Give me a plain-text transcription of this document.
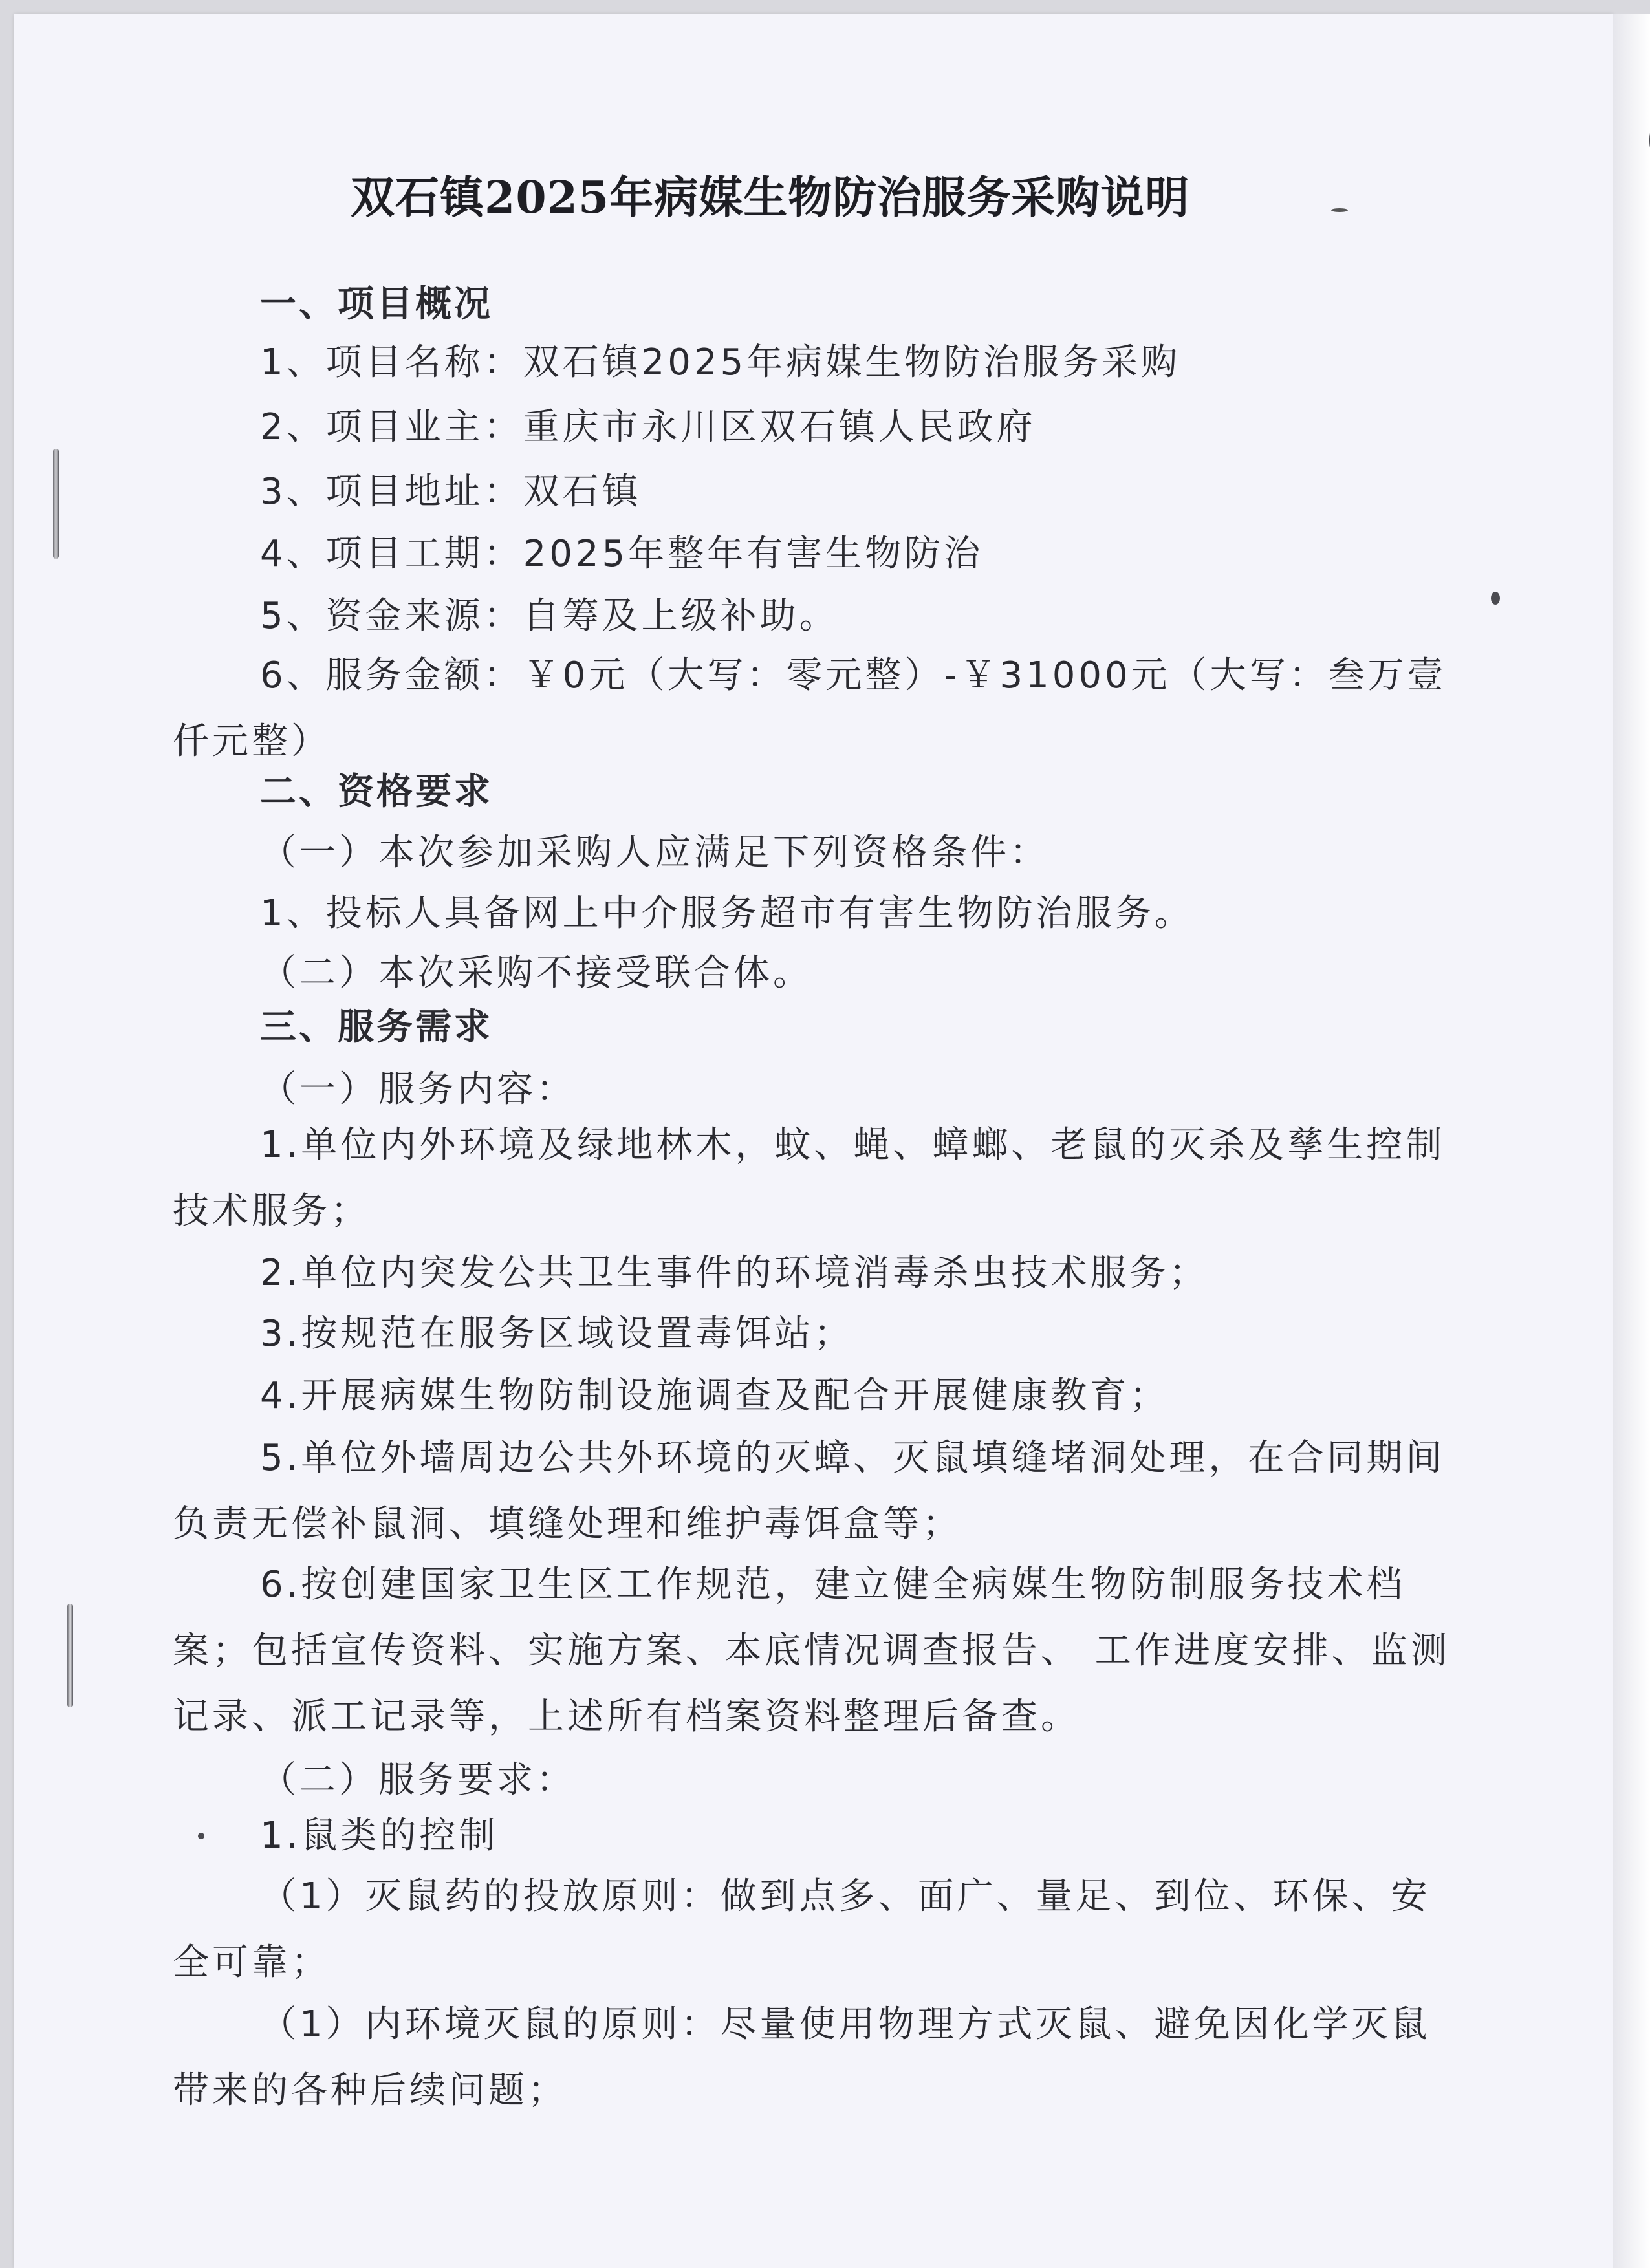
双石镇2025年病媒生物防治服务采购说明
一、项目概况
1、项目名称：双石镇2025年病媒生物防治服务采购
2、项目业主：重庆市永川区双石镇人民政府
3、项目地址：双石镇
4、项目工期：2025年整年有害生物防治
5、资金来源：自筹及上级补助。
6、服务金额：￥0元（大写：零元整）-￥31000元（大写：叁万壹仟元整）
二、资格要求
（一）本次参加采购人应满足下列资格条件：
1、投标人具备网上中介服务超市有害生物防治服务。
（二）本次采购不接受联合体。
三、服务需求
（一）服务内容：
1.单位内外环境及绿地林木，蚊、蝇、蟑螂、老鼠的灭杀及孳生控制技术服务；
2.单位内突发公共卫生事件的环境消毒杀虫技术服务；
3.按规范在服务区域设置毒饵站；
4.开展病媒生物防制设施调查及配合开展健康教育；
5.单位外墙周边公共外环境的灭蟑、灭鼠填缝堵洞处理，在合同期间负责无偿补鼠洞、填缝处理和维护毒饵盒等；
6.按创建国家卫生区工作规范，建立健全病媒生物防制服务技术档案；包括宣传资料、实施方案、本底情况调查报告、 工作进度安排、监测记录、派工记录等，上述所有档案资料整理后备查。
（二）服务要求：
1.鼠类的控制
（1）灭鼠药的投放原则：做到点多、面广、量足、到位、环保、安全可靠；
（1）内环境灭鼠的原则：尽量使用物理方式灭鼠、避免因化学灭鼠带来的各种后续问题；
